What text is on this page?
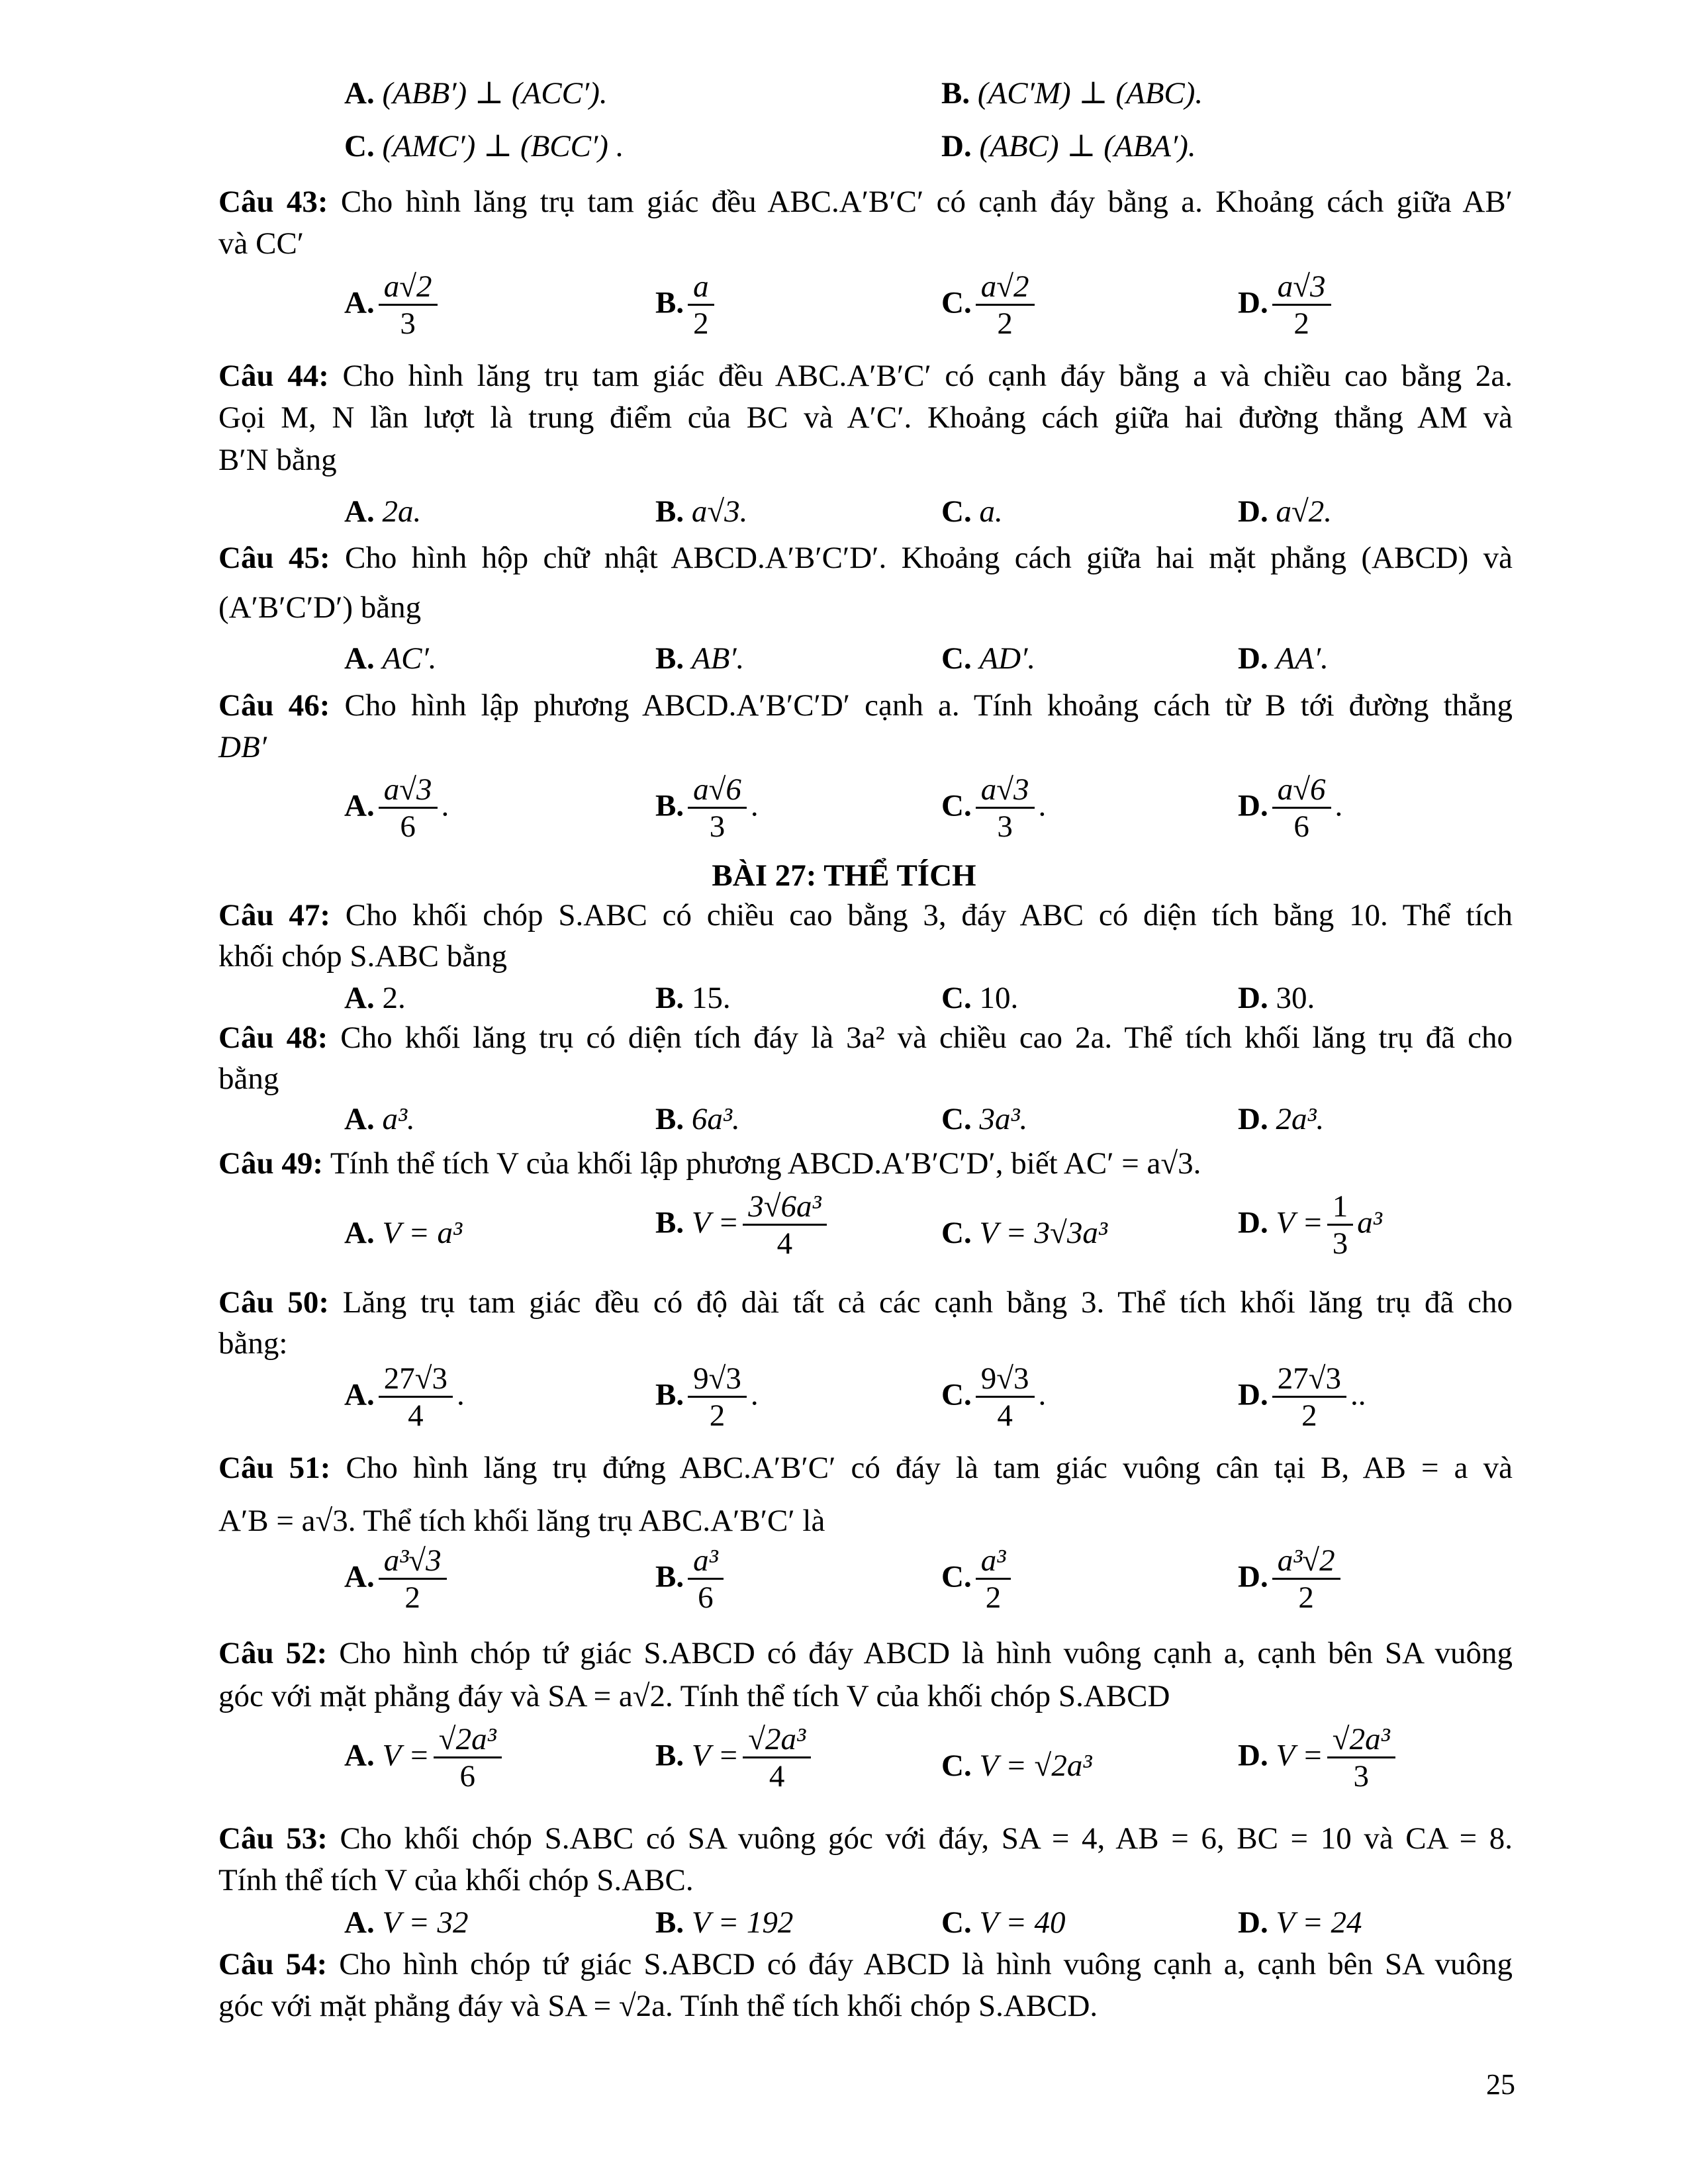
A. (ABB′) ⊥ (ACC′).	B. (AC′M) ⊥ (ABC).
C. (AMC′) ⊥ (BCC′) .	D. (ABC) ⊥ (ABA′).
Câu 43: Cho hình lăng trụ tam giác đều ABC.A′B′C′ có cạnh đáy bằng a. Khoảng cách giữa AB′
và CC′
A. $\frac{a√2}{3}$	B. $\frac{a}{2}$	C. $\frac{a√2}{2}$	D. $\frac{a√3}{2}$
Câu 44: Cho hình lăng trụ tam giác đều ABC.A′B′C′ có cạnh đáy bằng a và chiều cao bằng 2a.
Gọi M, N lần lượt là trung điểm của BC và A′C′. Khoảng cách giữa hai đường thẳng AM và
B′N bằng
A. 2a.	B. a√3.	C. a.	D. a√2.
Câu 45: Cho hình hộp chữ nhật ABCD.A′B′C′D′. Khoảng cách giữa hai mặt phẳng (ABCD) và
(A′B′C′D′) bằng
A. AC′.	B. AB′.	C. AD′.	D. AA′.
Câu 46: Cho hình lập phương ABCD.A′B′C′D′ cạnh a. Tính khoảng cách từ B tới đường thẳng
DB′
A. $\frac{a√3}{6}$ .	B. $\frac{a√6}{3}$ .	C. $\frac{a√3}{3}$ .	D. $\frac{a√6}{6}$ .
BÀI 27: THỂ TÍCH
Câu 47: Cho khối chóp S.ABC có chiều cao bằng 3, đáy ABC có diện tích bằng 10. Thể tích
khối chóp S.ABC bằng
A. 2.	B. 15.	C. 10.	D. 30.
Câu 48: Cho khối lăng trụ có diện tích đáy là 3a² và chiều cao 2a. Thể tích khối lăng trụ đã cho
bằng
A. a³.	B. 6a³.	C. 3a³.	D. 2a³.
Câu 49: Tính thể tích V của khối lập phương ABCD.A′B′C′D′, biết AC′ = a√3.
A. V = a³	B. $V = \frac{\text{3√6a³}}{4}$	C. V = 3√3a³	D. $V = \frac{1}{3} a^3$
Câu 50: Lăng trụ tam giác đều có độ dài tất cả các cạnh bằng 3. Thể tích khối lăng trụ đã cho
bằng:
A. $\frac{27√3}{4}$ .	B. $\frac{9√3}{2}$ .	C. $\frac{9√3}{4}$ .	D. $\frac{27√3}{2}$ ..
Câu 51: Cho hình lăng trụ đứng ABC.A′B′C′ có đáy là tam giác vuông cân tại B, AB = a và
A′B = a√3. Thể tích khối lăng trụ ABC.A′B′C′ là
A. $\frac{\text{a³√3}}{2}$	B. $\frac{\text{a³}}{6}$	C. $\frac{\text{a³}}{2}$	D. $\frac{\text{a³√2}}{2}$
Câu 52: Cho hình chóp tứ giác S.ABCD có đáy ABCD là hình vuông cạnh a, cạnh bên SA vuông
góc với mặt phẳng đáy và SA = a√2. Tính thể tích V của khối chóp S.ABCD
A. $V = \frac{\text{√2a³}}{6}$	B. $V = \frac{\text{√2a³}}{4}$	C. V = √2a³	D. $V = \frac{\text{√2a³}}{3}$
Câu 53: Cho khối chóp S.ABC có SA vuông góc với đáy, SA = 4, AB = 6, BC = 10 và CA = 8.
Tính thể tích V của khối chóp S.ABC.
A. V = 32	B. V = 192	C. V = 40	D. V = 24
Câu 54: Cho hình chóp tứ giác S.ABCD có đáy ABCD là hình vuông cạnh a, cạnh bên SA vuông
góc với mặt phẳng đáy và SA = √2a. Tính thể tích khối chóp S.ABCD.
25
